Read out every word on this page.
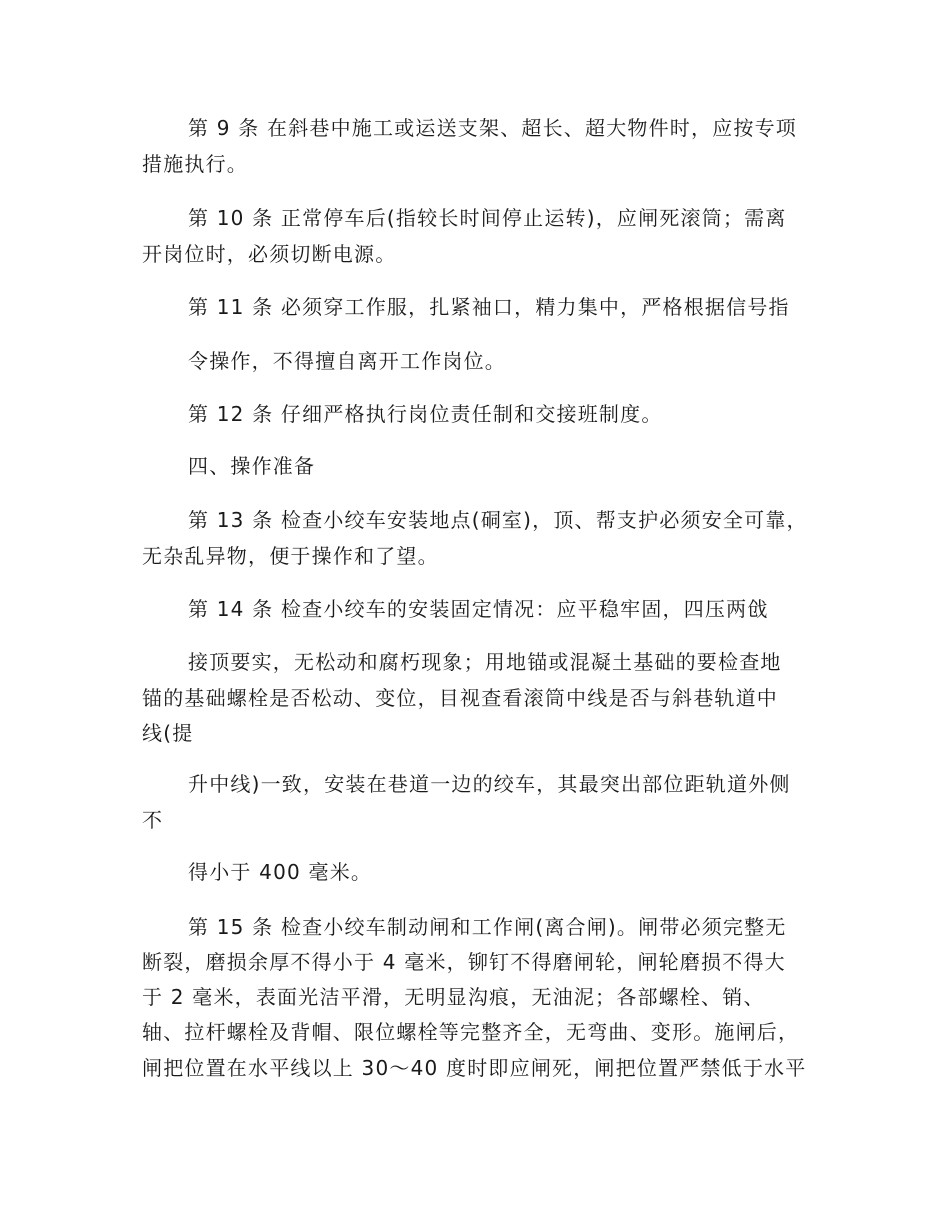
第 9 条 在斜巷中施工或运送支架、超长、超大物件时，应按专项
措施执行。
第 10 条 正常停车后(指较长时间停止运转)，应闸死滚筒；需离
开岗位时，必须切断电源。
第 11 条 必须穿工作服，扎紧袖口，精力集中，严格根据信号指
令操作，不得擅自离开工作岗位。
第 12 条 仔细严格执行岗位责任制和交接班制度。
四、操作准备
第 13 条 检查小绞车安装地点(硐室)，顶、帮支护必须安全可靠，
无杂乱异物，便于操作和了望。
第 14 条 检查小绞车的安装固定情况：应平稳牢固，四压两戗
接顶要实，无松动和腐朽现象；用地锚或混凝土基础的要检查地
锚的基础螺栓是否松动、变位，目视查看滚筒中线是否与斜巷轨道中
线(提
升中线)一致，安装在巷道一边的绞车，其最突出部位距轨道外侧
不
得小于 400 毫米。
第 15 条 检查小绞车制动闸和工作闸(离合闸)。闸带必须完整无
断裂，磨损余厚不得小于 4 毫米，铆钉不得磨闸轮，闸轮磨损不得大
于 2 毫米，表面光洁平滑，无明显沟痕，无油泥；各部螺栓、销、
轴、拉杆螺栓及背帽、限位螺栓等完整齐全，无弯曲、变形。施闸后，
闸把位置在水平线以上 30～40 度时即应闸死，闸把位置严禁低于水平
